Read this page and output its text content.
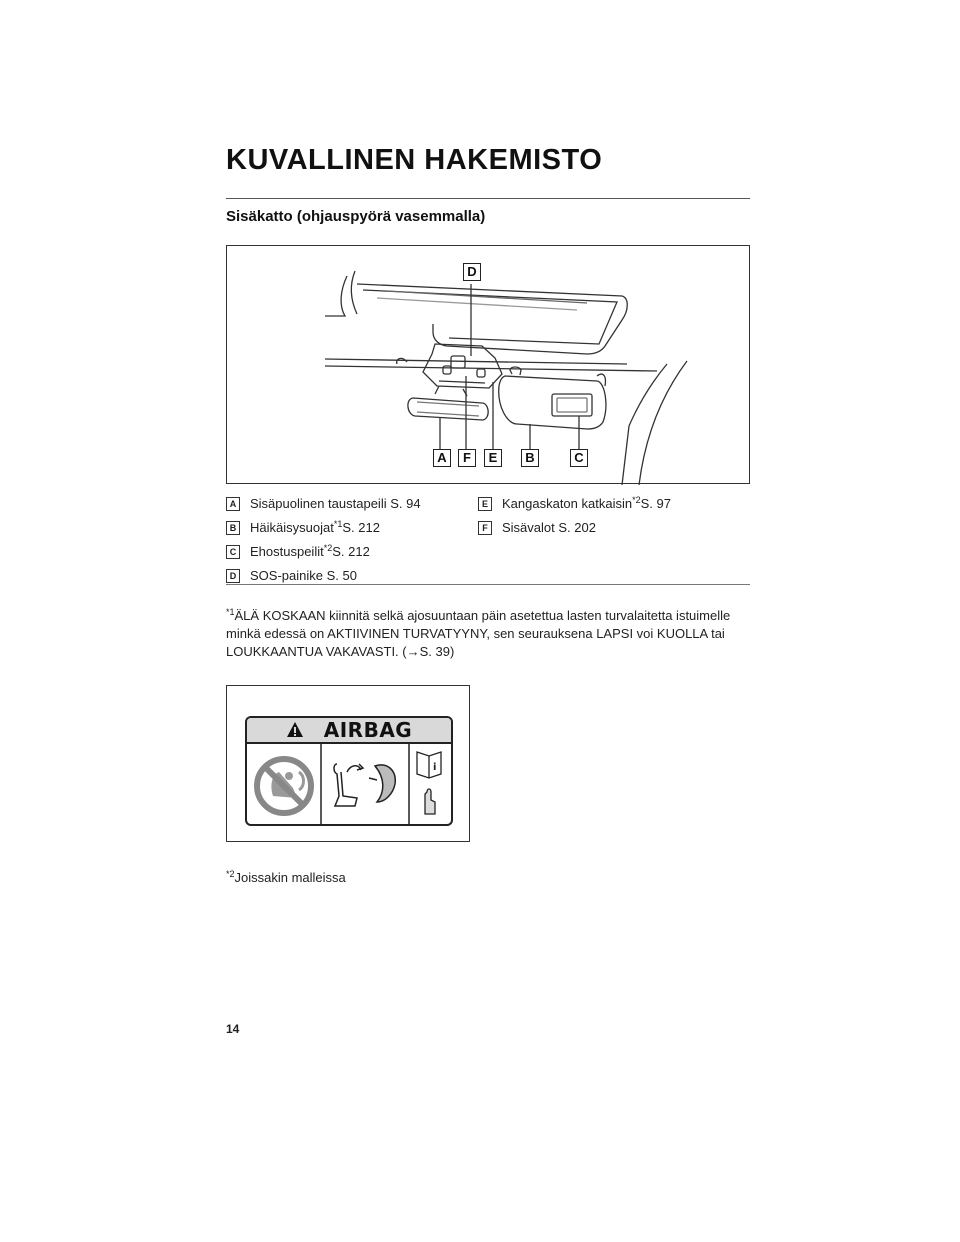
KUVALLINEN HAKEMISTO
Sisäkatto (ohjauspyörä vasemmalla)
D
A	F	E	B	C
A Sisäpuolinen taustapeili S. 94
B Häikäisysuojat$^{*1}$S. 212
C Ehostuspeilit$^{*2}$S. 212
D SOS-painike S. 50
E Kangaskaton katkaisin$^{*2}$S. 97
F Sisävalot S. 202
$^{*1}$ÄLÄ KOSKAAN kiinnitä selkä ajosuuntaan päin asetettua lasten turvalaitetta istuimelle
minkä edessä on AKTIIVINEN TURVATYYNY, sen seurauksena LAPSI voi KUOLLA tai
LOUKKAANTUA VAKAVASTI. (→S. 39)
AIRBAG
i
$^{*2}$Joissakin malleissa
14
